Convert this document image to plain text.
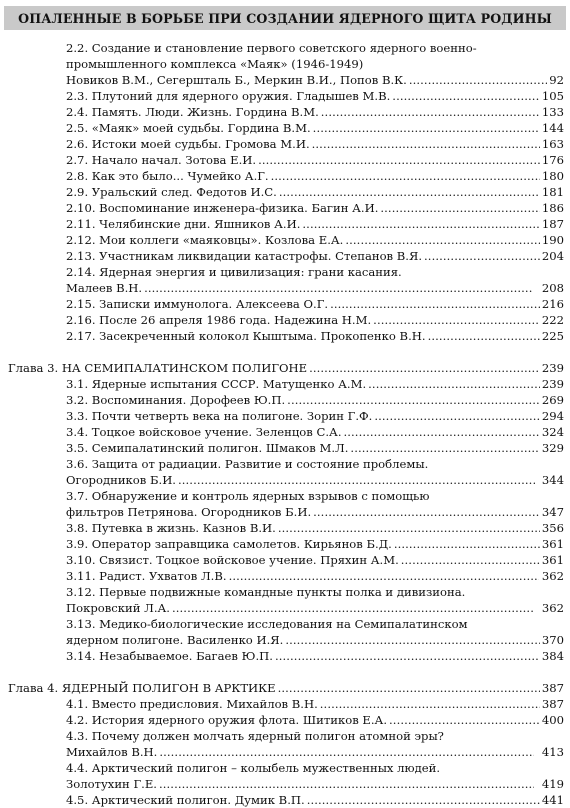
ОПАЛЕННЫЕ В БОРЬБЕ ПРИ СОЗДАНИИ ЯДЕРНОГО ЩИТА РОДИНЫ
2.2. Создание и становление первого советского ядерного военно-
промышленного комплекса «Маяк» (1946-1949)
Новиков В.М., Сегершталь Б., Меркин В.И., Попов В.К. . . .	92
2.3. Плутоний для ядерного оружия. Гладышев М.В. . . .	105
2.4. Память. Люди. Жизнь. Гордина В.М. . . .	133
2.5. «Маяк» моей судьбы. Гордина В.М. . . .	144
2.6. Истоки моей судьбы. Громова М.И. . . .	163
2.7. Начало начал. Зотова Е.И. . . .	176
2.8. Как это было... Чумейко А.Г. . . .	180
2.9. Уральский след. Федотов И.С. . . .	181
2.10. Воспоминание инженера-физика. Багин А.И. . . .	186
2.11. Челябинские дни. Яшников А.И. . . .	187
2.12. Мои коллеги «маяковцы». Козлова Е.А. . . .	190
2.13. Участникам ликвидации катастрофы. Степанов В.Я. . . .	204
2.14. Ядерная энергия и цивилизация: грани касания.
Малеев В.Н. . . .	208
2.15. Записки иммунолога. Алексеева О.Г. . . .	216
2.16. После 26 апреля 1986 года. Надежина Н.М. . . .	222
2.17. Засекреченный колокол Кыштыма. Прокопенко В.Н. . . .	225
Глава 3. НА СЕМИПАЛАТИНСКОМ ПОЛИГОНЕ . . .	239
3.1. Ядерные испытания СССР. Матущенко А.М. . . .	239
3.2. Воспоминания. Дорофеев Ю.П. . . .	269
3.3. Почти четверть века на полигоне. Зорин Г.Ф. . . .	294
3.4. Тоцкое войсковое учение. Зеленцов С.А. . . .	324
3.5. Семипалатинский полигон. Шмаков М.Л. . . .	329
3.6. Защита от радиации. Развитие и состояние проблемы.
Огородников Б.И. . . .	344
3.7. Обнаружение и контроль ядерных взрывов с помощью
фильтров Петрянова. Огородников Б.И. . . .	347
3.8. Путевка в жизнь. Казнов В.И. . . .	356
3.9. Оператор заправщика самолетов. Кирьянов Б.Д. . . .	361
3.10. Связист. Тоцкое войсковое учение. Пряхин А.М. . . .	361
3.11. Радист. Ухватов Л.В. . . .	362
3.12. Первые подвижные командные пункты полка и дивизиона.
Покровский Л.А. . . .	362
3.13. Медико-биологические исследования на Семипалатинском
ядерном полигоне. Василенко И.Я. . . .	370
3.14. Незабываемое. Багаев Ю.П. . . .	384
Глава 4. ЯДЕРНЫЙ ПОЛИГОН В АРКТИКЕ . . .	387
4.1. Вместо предисловия. Михайлов В.Н. . . .	387
4.2. История ядерного оружия флота. Шитиков Е.А. . . .	400
4.3. Почему должен молчать ядерный полигон атомной эры?
Михайлов В.Н. . . .	413
4.4. Арктический полигон – колыбель мужественных людей.
Золотухин Г.Е. . . .	419
4.5. Арктический полигон. Думик В.П. . . .	441
